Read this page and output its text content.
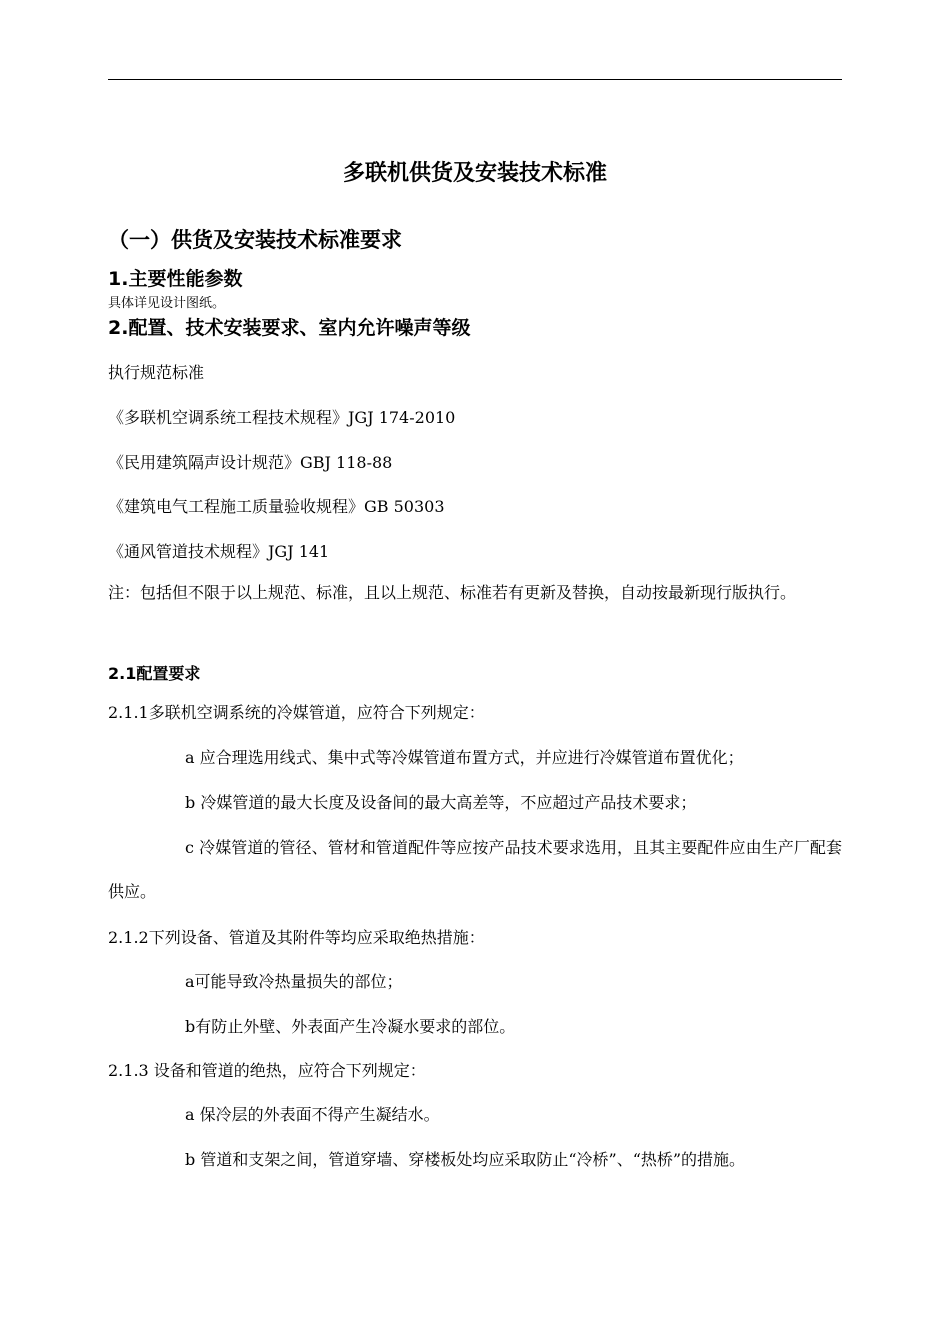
多联机供货及安装技术标准
（一）供货及安装技术标准要求
1.主要性能参数
具体详见设计图纸。
2.配置、技术安装要求、室内允许噪声等级
执行规范标准
《多联机空调系统工程技术规程》JGJ 174-2010
《民用建筑隔声设计规范》GBJ 118-88
《建筑电气工程施工质量验收规程》GB 50303
《通风管道技术规程》JGJ 141
注：包括但不限于以上规范、标准，且以上规范、标准若有更新及替换，自动按最新现行版执行。
2.1配置要求
2.1.1多联机空调系统的冷媒管道，应符合下列规定：
a 应合理选用线式、集中式等冷媒管道布置方式，并应进行冷媒管道布置优化；
b 冷媒管道的最大长度及设备间的最大高差等，不应超过产品技术要求；
c 冷媒管道的管径、管材和管道配件等应按产品技术要求选用，且其主要配件应由生产厂配套供应。
2.1.2下列设备、管道及其附件等均应采取绝热措施：
a可能导致冷热量损失的部位；
b有防止外壁、外表面产生冷凝水要求的部位。
2.1.3 设备和管道的绝热，应符合下列规定：
a 保冷层的外表面不得产生凝结水。
b 管道和支架之间，管道穿墙、穿楼板处均应采取防止“冷桥”、“热桥”的措施。
